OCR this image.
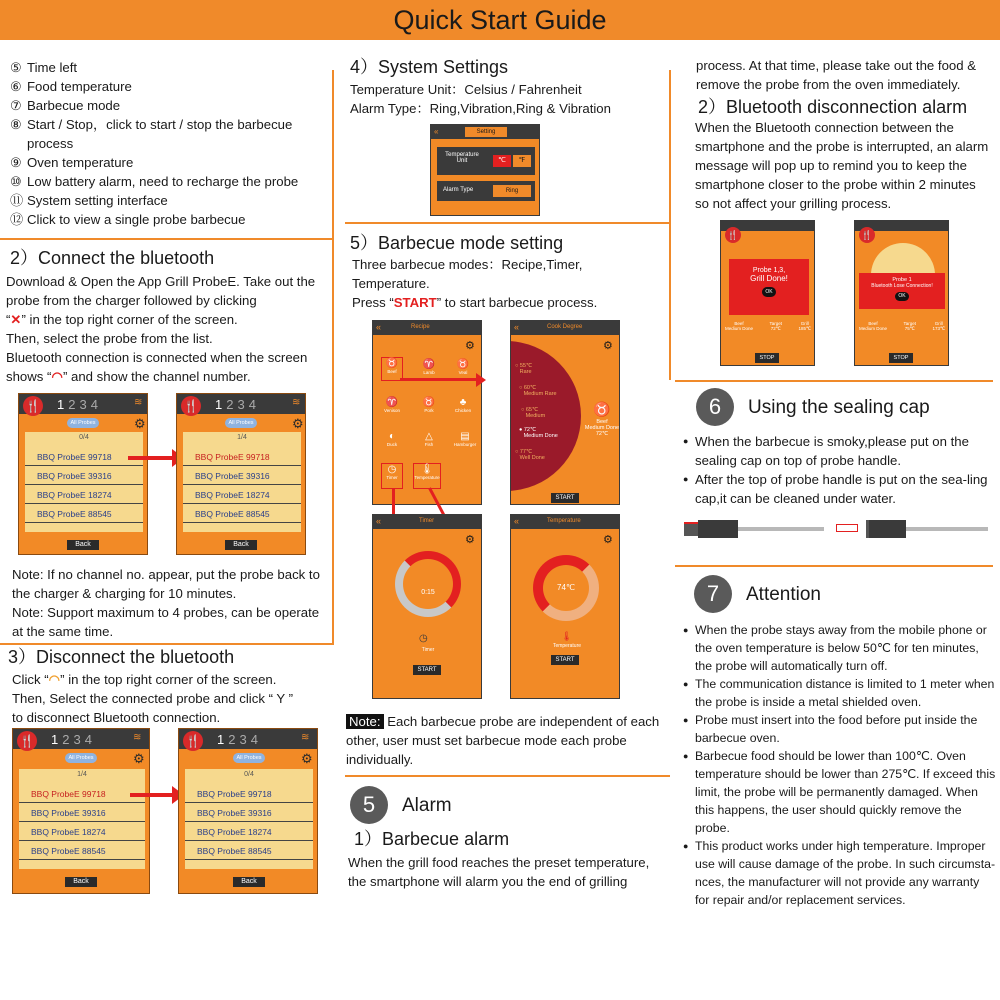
Quick Start Guide
⑤ Time left
⑥ Food temperature
⑦ Barbecue mode
⑧ Start / Stop，click to start / stop the barbecue process
⑨ Oven temperature
⑩ Low battery alarm, need to recharge the probe
⑪ System setting interface
⑫ Click to view a single probe barbecue
2）Connect the bluetooth
Download & Open the App Grill ProbeE. Take out the probe from the charger followed by clicking
“✕” in the top right corner of the screen.
Then, select the probe from the list.
Bluetooth connection is connected when the screen
shows “◠” and show the channel number.
🍴 1234	≋
All Probes	⚙
0/4
BBQ ProbeE 99718
BBQ ProbeE 39316
BBQ ProbeE 18274
BBQ ProbeE 88545
Back
🍴 1234	≋
All Probes	⚙
1/4
BBQ ProbeE 99718
BBQ ProbeE 39316
BBQ ProbeE 18274
BBQ ProbeE 88545
Back
Note: If no channel no. appear, put the probe back to the charger & charging for 10 minutes.
Note: Support maximum to 4 probes, can be operate at the same time.
3）Disconnect the bluetooth
Click “◠” in the top right corner of the screen.
Then, Select the connected probe and click “ Y ”
to disconnect Bluetooth connection.
🍴 1234	≋
All Probes	⚙
1/4
BBQ ProbeE 99718
BBQ ProbeE 39316
BBQ ProbeE 18274
BBQ ProbeE 88545
Back
🍴 1234	≋
All Probes	⚙
0/4
BBQ ProbeE 99718
BBQ ProbeE 39316
BBQ ProbeE 18274
BBQ ProbeE 88545
Back
4）System Settings
Temperature Unit：Celsius / Fahrenheit
Alarm Type：Ring,Vibration,Ring & Vibration
«	Setting
Temperature Unit	℃	℉
Alarm Type	Ring
5）Barbecue mode setting
Three barbecue modes：Recipe,Timer,
Temperature.
Press “START” to start barbecue process.
«	Recipe
⚙
♉
Beef
♈
Lamb
♉
Veal
♈
Venison
♉
Pork
♣
Chicken
◐
Duck
△
Fish
▤
Hamburger
◷
Timer
🌡
Temperature
«	Cook Degree
○ 55℃
Rare
○ 60℃
Medium Rare
○ 65℃
Medium
● 72℃
Medium Done
○ 77℃
Well Done
⚙
♉
Beef
Medium Done
72℃
START
«	Timer
⚙
0:15
◷
Timer
START
«	Temperature
⚙
74℃
🌡
Temperature
START
Note: Each barbecue probe are independent of each other, user must set barbecue mode each probe individually.
5	Alarm
1）Barbecue alarm
When the grill food reaches the preset temperature, the smartphone will alarm you the end of grilling
process. At that time, please take out the food & remove the probe from the oven immediately.
2）Bluetooth disconnection alarm
When the Bluetooth connection between the smartphone and the probe is interrupted, an alarm message will pop up to remind you to keep the smartphone closer to the probe within 2 minutes so not affect your grilling process.
🍴
Probe 1,3,
Grill Done!
OK
Beef
Medium Done
Target
72℃
Grill
185℃
STOP
🍴
Probe 1
Bluetooth Lose Connection!
OK
Beef
Medium Done
Target
75℃
Grill
173℃
STOP
6	Using the sealing cap
● When the barbecue is smoky,please put on the sealing cap on top of probe handle.
● After the top of probe handle is put on the sea-ling cap,it can be cleaned under water.
7	Attention
● When the probe stays away from the mobile phone or the oven temperature is below 50℃ for ten minutes, the probe will automatically turn off.
● The communication distance is limited to 1 meter when the probe is inside a metal shielded oven.
● Probe must insert into the food before put inside the barbecue oven.
● Barbecue food should be lower than 100℃. Oven temperature should be lower than 275℃. If exceed this limit, the probe will be permanently damaged. When this happens, the user should quickly remove the probe.
● This product works under high temperature. Improper use will cause damage of the probe. In such circumsta-nces, the manufacturer will not provide any warranty for repair and/or replacement services.
